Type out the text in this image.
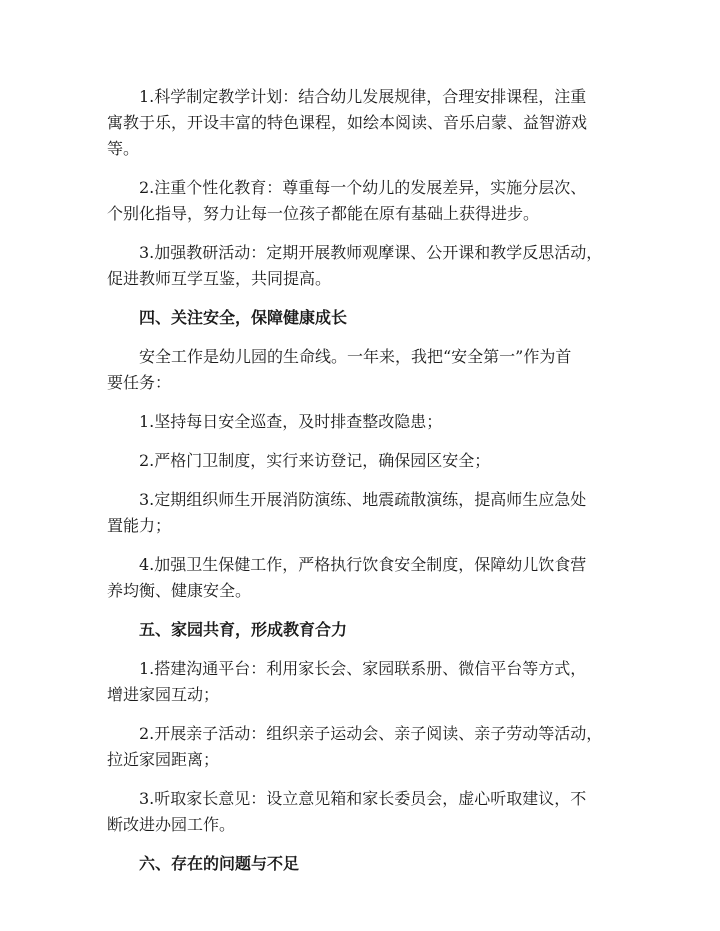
1.科学制定教学计划：结合幼儿发展规律，合理安排课程，注重
寓教于乐，开设丰富的特色课程，如绘本阅读、音乐启蒙、益智游戏
等。

2.注重个性化教育：尊重每一个幼儿的发展差异，实施分层次、
个别化指导，努力让每一位孩子都能在原有基础上获得进步。

3.加强教研活动：定期开展教师观摩课、公开课和教学反思活动，
促进教师互学互鉴，共同提高。

四、关注安全，保障健康成长

安全工作是幼儿园的生命线。一年来，我把“安全第一”作为首
要任务：

1.坚持每日安全巡查，及时排查整改隐患；

2.严格门卫制度，实行来访登记，确保园区安全；

3.定期组织师生开展消防演练、地震疏散演练，提高师生应急处
置能力；

4.加强卫生保健工作，严格执行饮食安全制度，保障幼儿饮食营
养均衡、健康安全。

五、家园共育，形成教育合力

1.搭建沟通平台：利用家长会、家园联系册、微信平台等方式，
增进家园互动；

2.开展亲子活动：组织亲子运动会、亲子阅读、亲子劳动等活动，
拉近家园距离；

3.听取家长意见：设立意见箱和家长委员会，虚心听取建议，不
断改进办园工作。

六、存在的问题与不足
